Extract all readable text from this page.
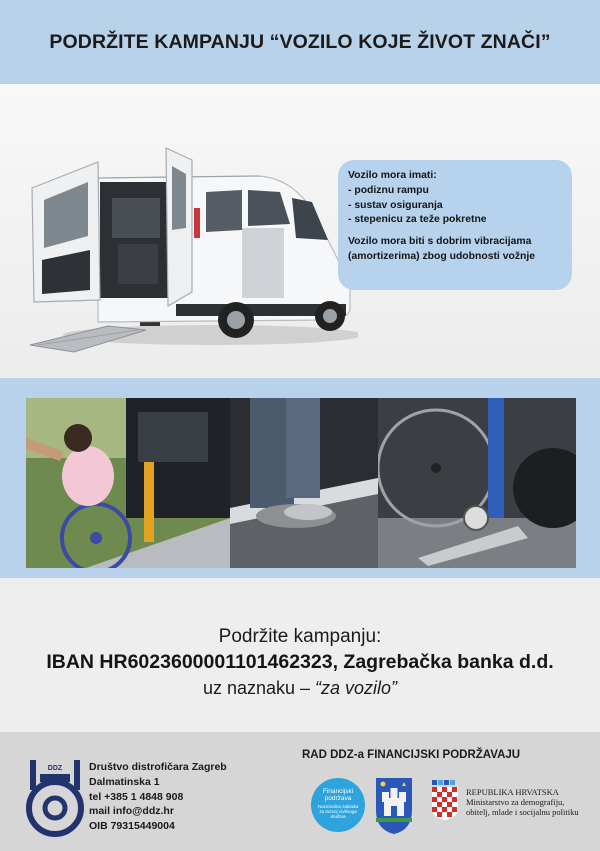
PODRŽITE KAMPANJU “VOZILO KOJE ŽIVOT ZNAČI”
Vozilo mora imati:
- podiznu rampu
- sustav osiguranja
- stepenicu za teže pokretne
Vozilo mora biti s dobrim vibracijama
(amortizerima) zbog udobnosti vožnje
Podržite kampanju:
IBAN HR6023600001101462323, Zagrebačka banka d.d.
uz naznaku – “za vozilo”
DDZ	Društvo distrofičara Zagreb
Dalmatinska 1
tel +385 1 4848 908
mail info@ddz.hr
OIB 79315449004
RAD DDZ-a FINANCIJSKI PODRŽAVAJU
Financijski podržava
Nacionalna zaklada za razvoj civilnoga društva
REPUBLIKA HRVATSKA
Ministarstvo za demografiju,
obitelj, mlade i socijalnu politiku
